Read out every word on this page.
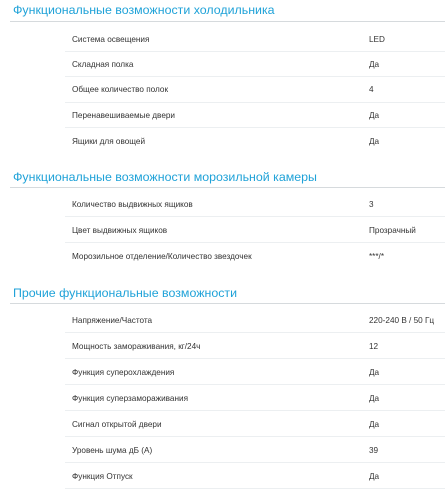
Функциональные возможности холодильника
Система освещения	LED
Складная полка	Да
Общее количество полок	4
Перенавешиваемые двери	Да
Ящики для овощей	Да
Функциональные возможности морозильной камеры
Количество выдвижных ящиков	3
Цвет выдвижных ящиков	Прозрачный
Морозильное отделение/Количество звездочек	***/*
Прочие функциональные возможности
Напряжение/Частота	220-240 В / 50 Гц
Мощность замораживания, кг/24ч	12
Функция суперохлаждения	Да
Функция суперзамораживания	Да
Сигнал открытой двери	Да
Уровень шума дБ (А)	39
Функция Отпуск	Да
